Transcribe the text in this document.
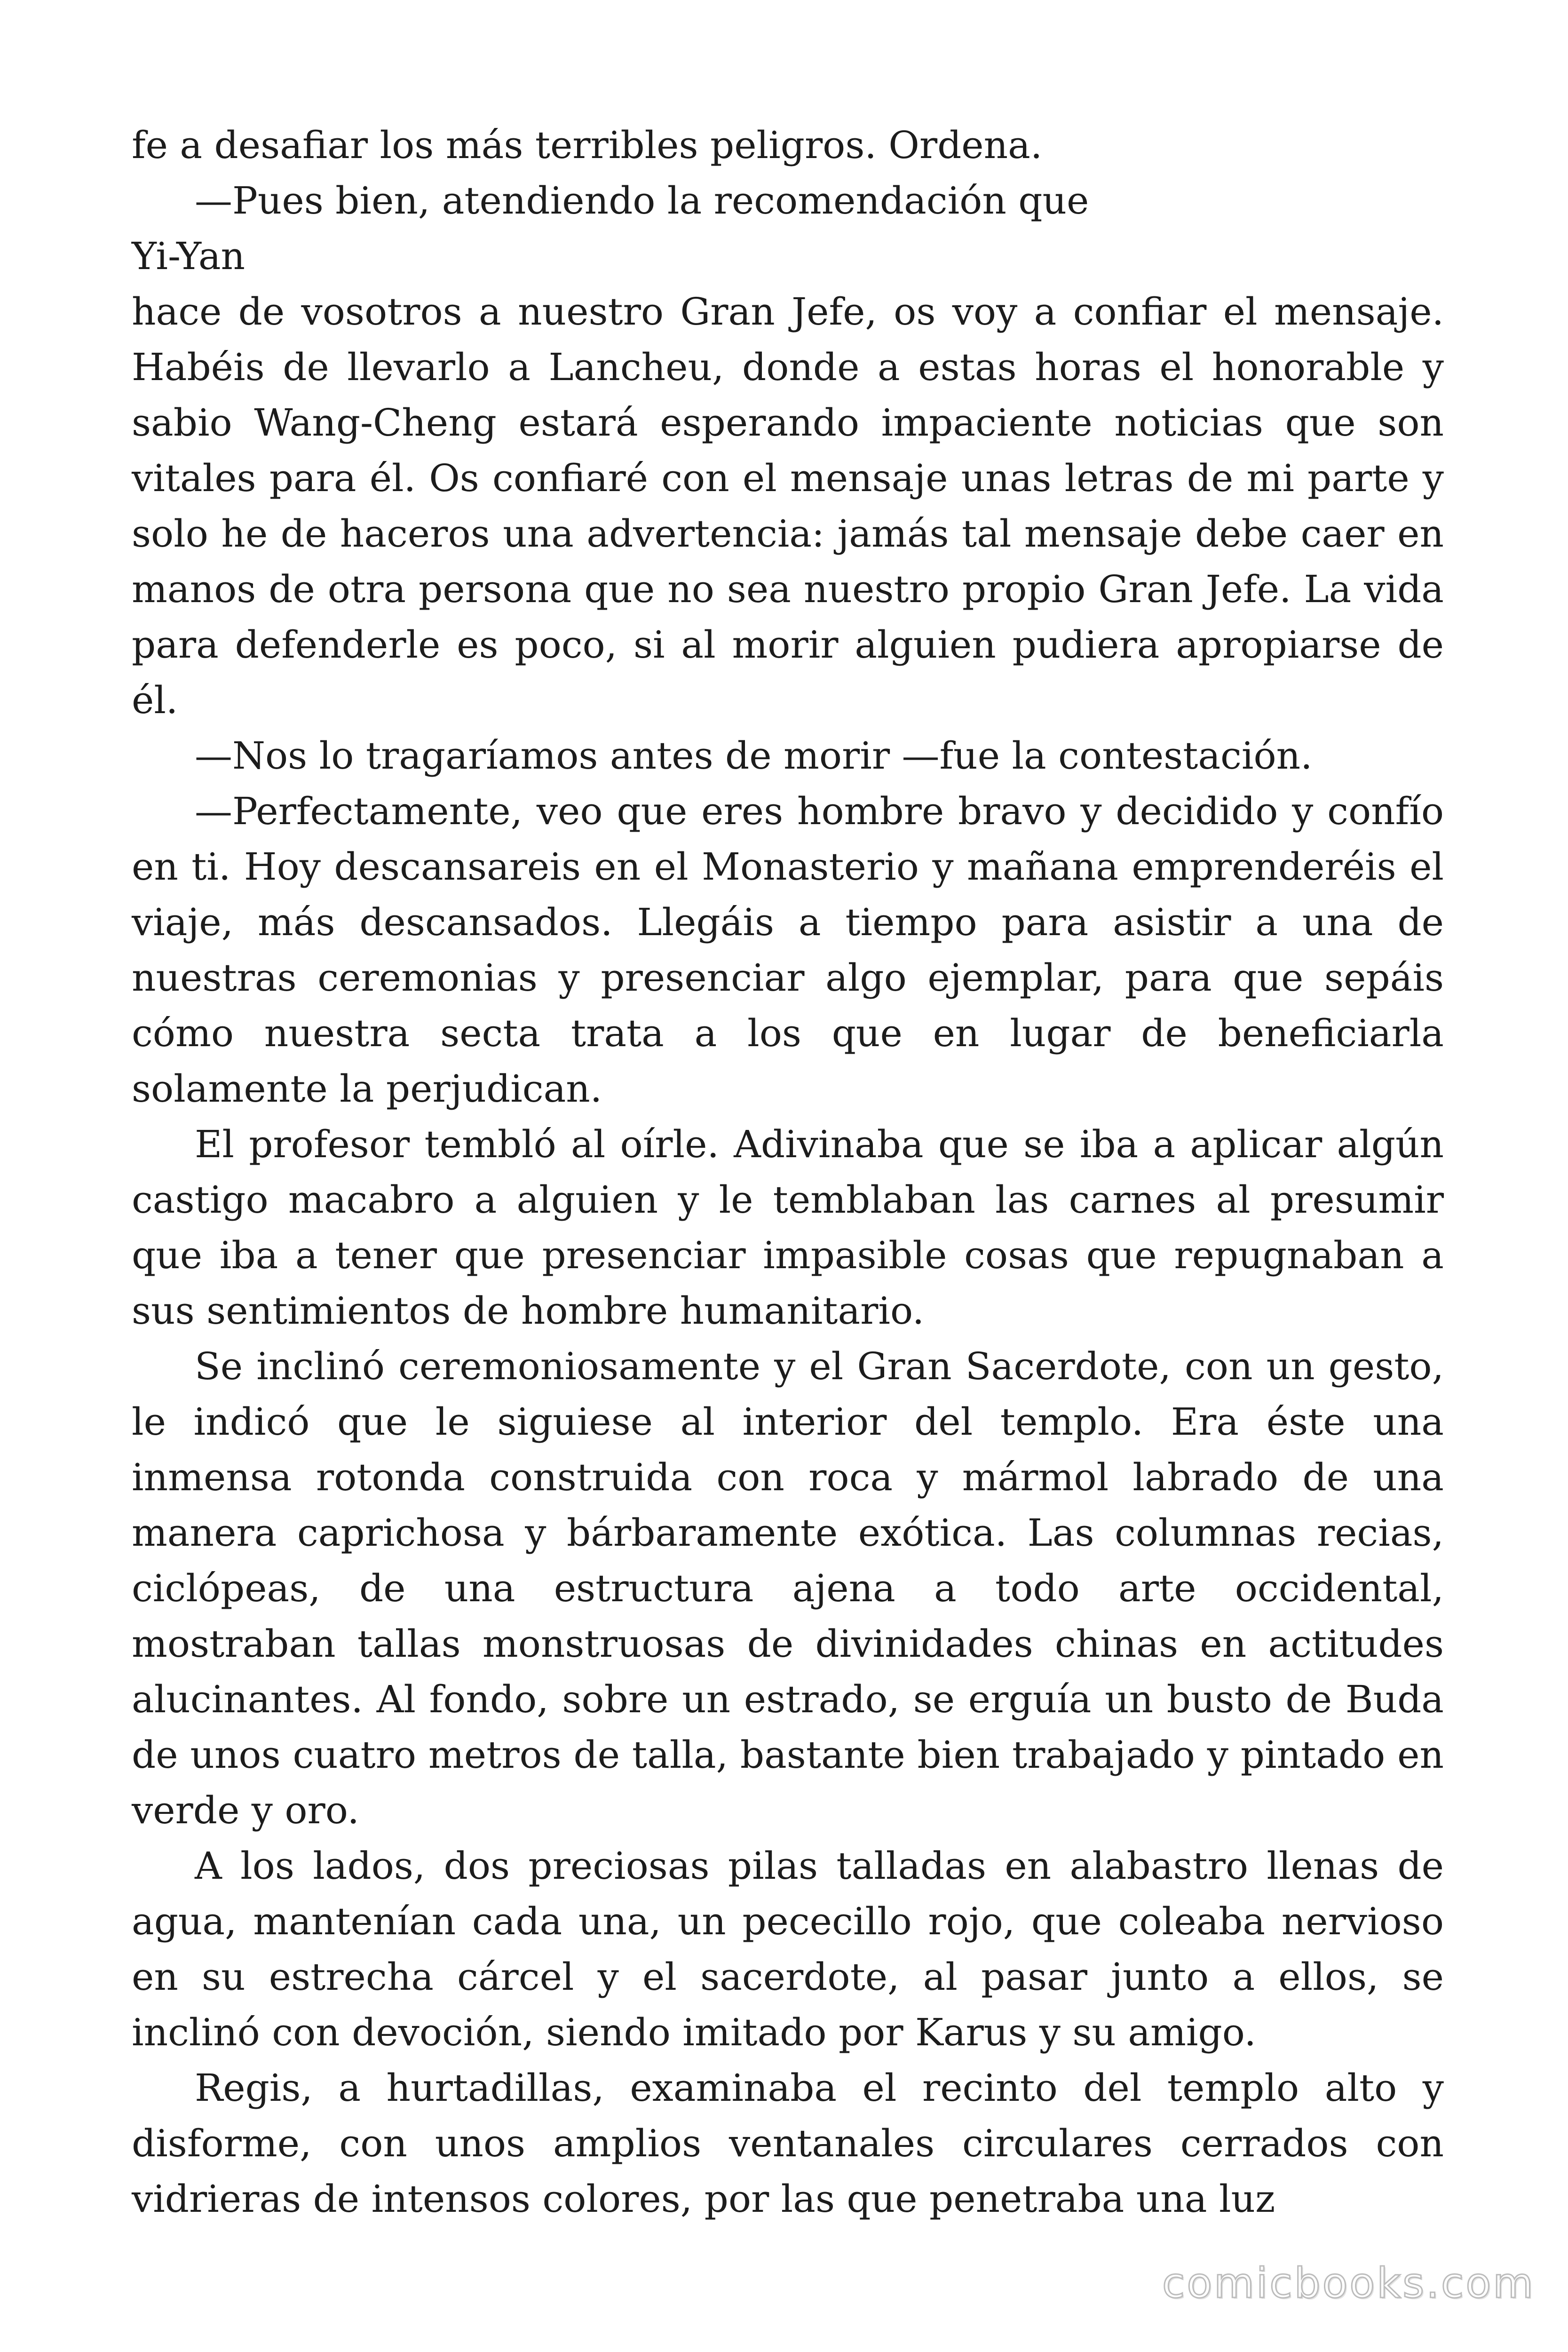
fe a desafiar los más terribles peligros. Ordena.

—Pues bien, atendiendo la recomendación que

Yi-Yan

hace de vosotros a nuestro Gran Jefe, os voy a confiar el mensaje. Habéis de llevarlo a Lancheu, donde a estas horas el honorable y sabio Wang-Cheng estará esperando impaciente noticias que son vitales para él. Os confiaré con el mensaje unas letras de mi parte y solo he de haceros una advertencia: jamás tal mensaje debe caer en manos de otra persona que no sea nuestro propio Gran Jefe. La vida para defenderle es poco, si al morir alguien pudiera apropiarse de él.

—Nos lo tragaríamos antes de morir —fue la contestación.

—Perfectamente, veo que eres hombre bravo y decidido y confío en ti. Hoy descansareis en el Monasterio y mañana emprenderéis el viaje, más descansados. Llegáis a tiempo para asistir a una de nuestras ceremonias y presenciar algo ejemplar, para que sepáis cómo nuestra secta trata a los que en lugar de beneficiarla solamente la perjudican.

El profesor tembló al oírle. Adivinaba que se iba a aplicar algún castigo macabro a alguien y le temblaban las carnes al presumir que iba a tener que presenciar impasible cosas que repugnaban a sus sentimientos de hombre humanitario.

Se inclinó ceremoniosamente y el Gran Sacerdote, con un gesto, le indicó que le siguiese al interior del templo. Era éste una inmensa rotonda construida con roca y mármol labrado de una manera caprichosa y bárbaramente exótica. Las columnas recias, ciclópeas, de una estructura ajena a todo arte occidental, mostraban tallas monstruosas de divinidades chinas en actitudes alucinantes. Al fondo, sobre un estrado, se erguía un busto de Buda de unos cuatro metros de talla, bastante bien trabajado y pintado en verde y oro.

A los lados, dos preciosas pilas talladas en alabastro llenas de agua, mantenían cada una, un pececillo rojo, que coleaba nervioso en su estrecha cárcel y el sacerdote, al pasar junto a ellos, se inclinó con devoción, siendo imitado por Karus y su amigo.

Regis, a hurtadillas, examinaba el recinto del templo alto y disforme, con unos amplios ventanales circulares cerrados con vidrieras de intensos colores, por las que penetraba una luz

comicbooks.com
